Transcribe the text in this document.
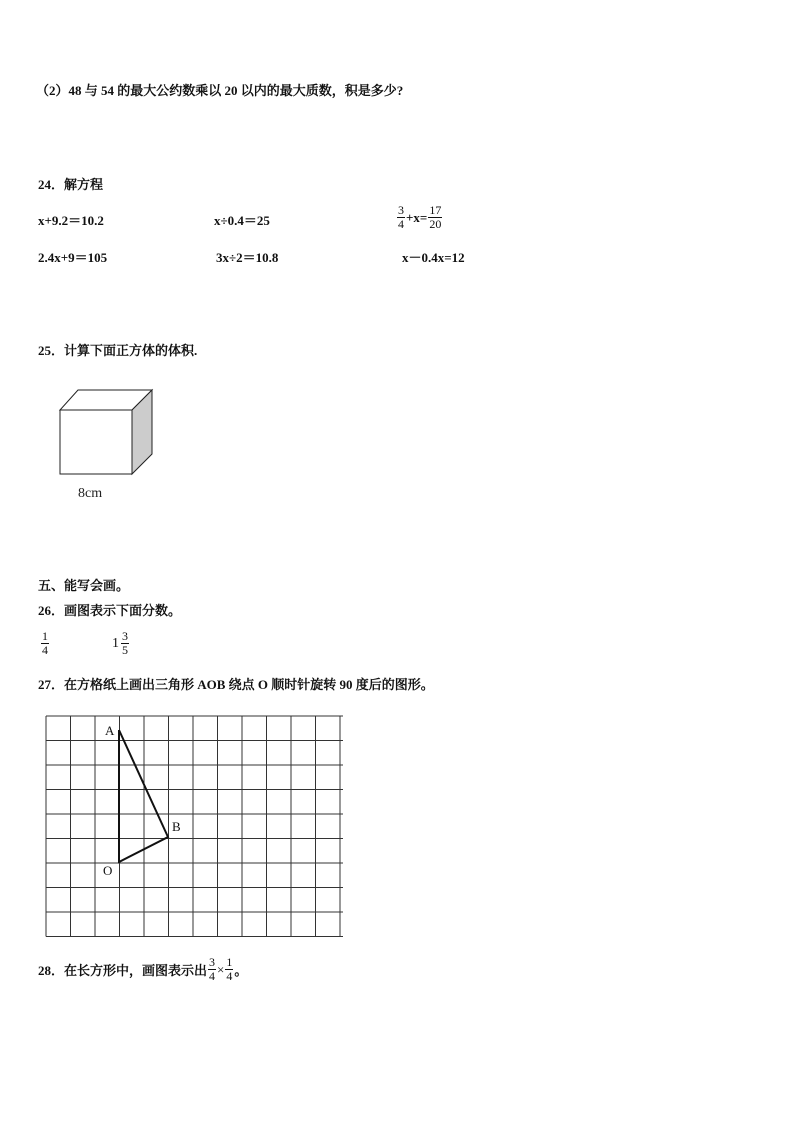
（2）48 与 54 的最大公约数乘以 20 以内的最大质数，积是多少?
24．解方程
x+9.2＝10.2	x÷0.4＝25	$\frac{3}{4} +x= \frac{17}{20}$
2.4x+9＝105	3x÷2＝10.8	x－0.4x=12
25．计算下面正方体的体积.
8cm
五、能写会画。
26．画图表示下面分数。
$\frac{1}{4}$	$1 \frac{3}{5}$
27．在方格纸上画出三角形 AOB 绕点 O 顺时针旋转 90 度后的图形。
A
B
O
28．在长方形中，画图表示出 $\frac{3}{4} \times \frac{1}{4}$ 。
